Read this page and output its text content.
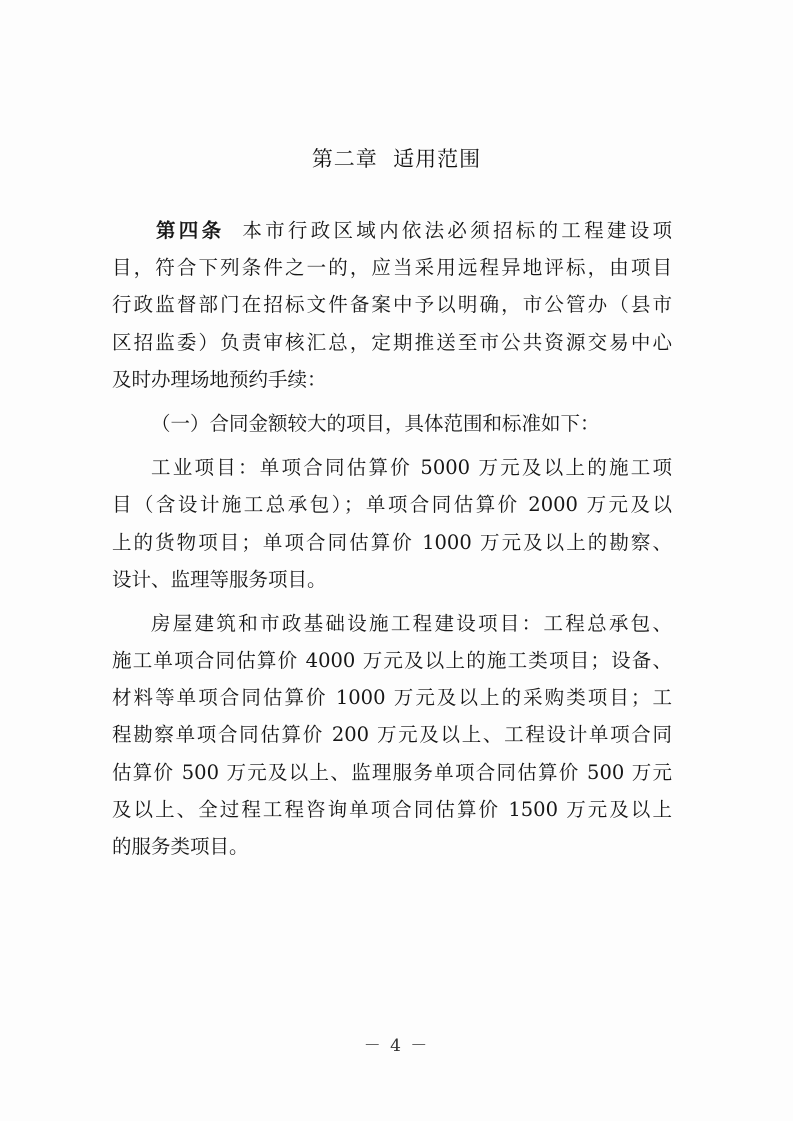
第二章  适用范围
第四条 本市行政区域内依法必须招标的工程建设项
目，符合下列条件之一的，应当采用远程异地评标，由项目
行政监督部门在招标文件备案中予以明确，市公管办（县市
区招监委）负责审核汇总，定期推送至市公共资源交易中心
及时办理场地预约手续：
（一）合同金额较大的项目，具体范围和标准如下：
工业项目：单项合同估算价 5000 万元及以上的施工项
目（含设计施工总承包）；单项合同估算价 2000 万元及以
上的货物项目；单项合同估算价 1000 万元及以上的勘察、
设计、监理等服务项目。
房屋建筑和市政基础设施工程建设项目：工程总承包、
施工单项合同估算价 4000 万元及以上的施工类项目；设备、
材料等单项合同估算价 1000 万元及以上的采购类项目；工
程勘察单项合同估算价 200 万元及以上、工程设计单项合同
估算价 500 万元及以上、监理服务单项合同估算价 500 万元
及以上、全过程工程咨询单项合同估算价 1500 万元及以上
的服务类项目。
－ 4 －
